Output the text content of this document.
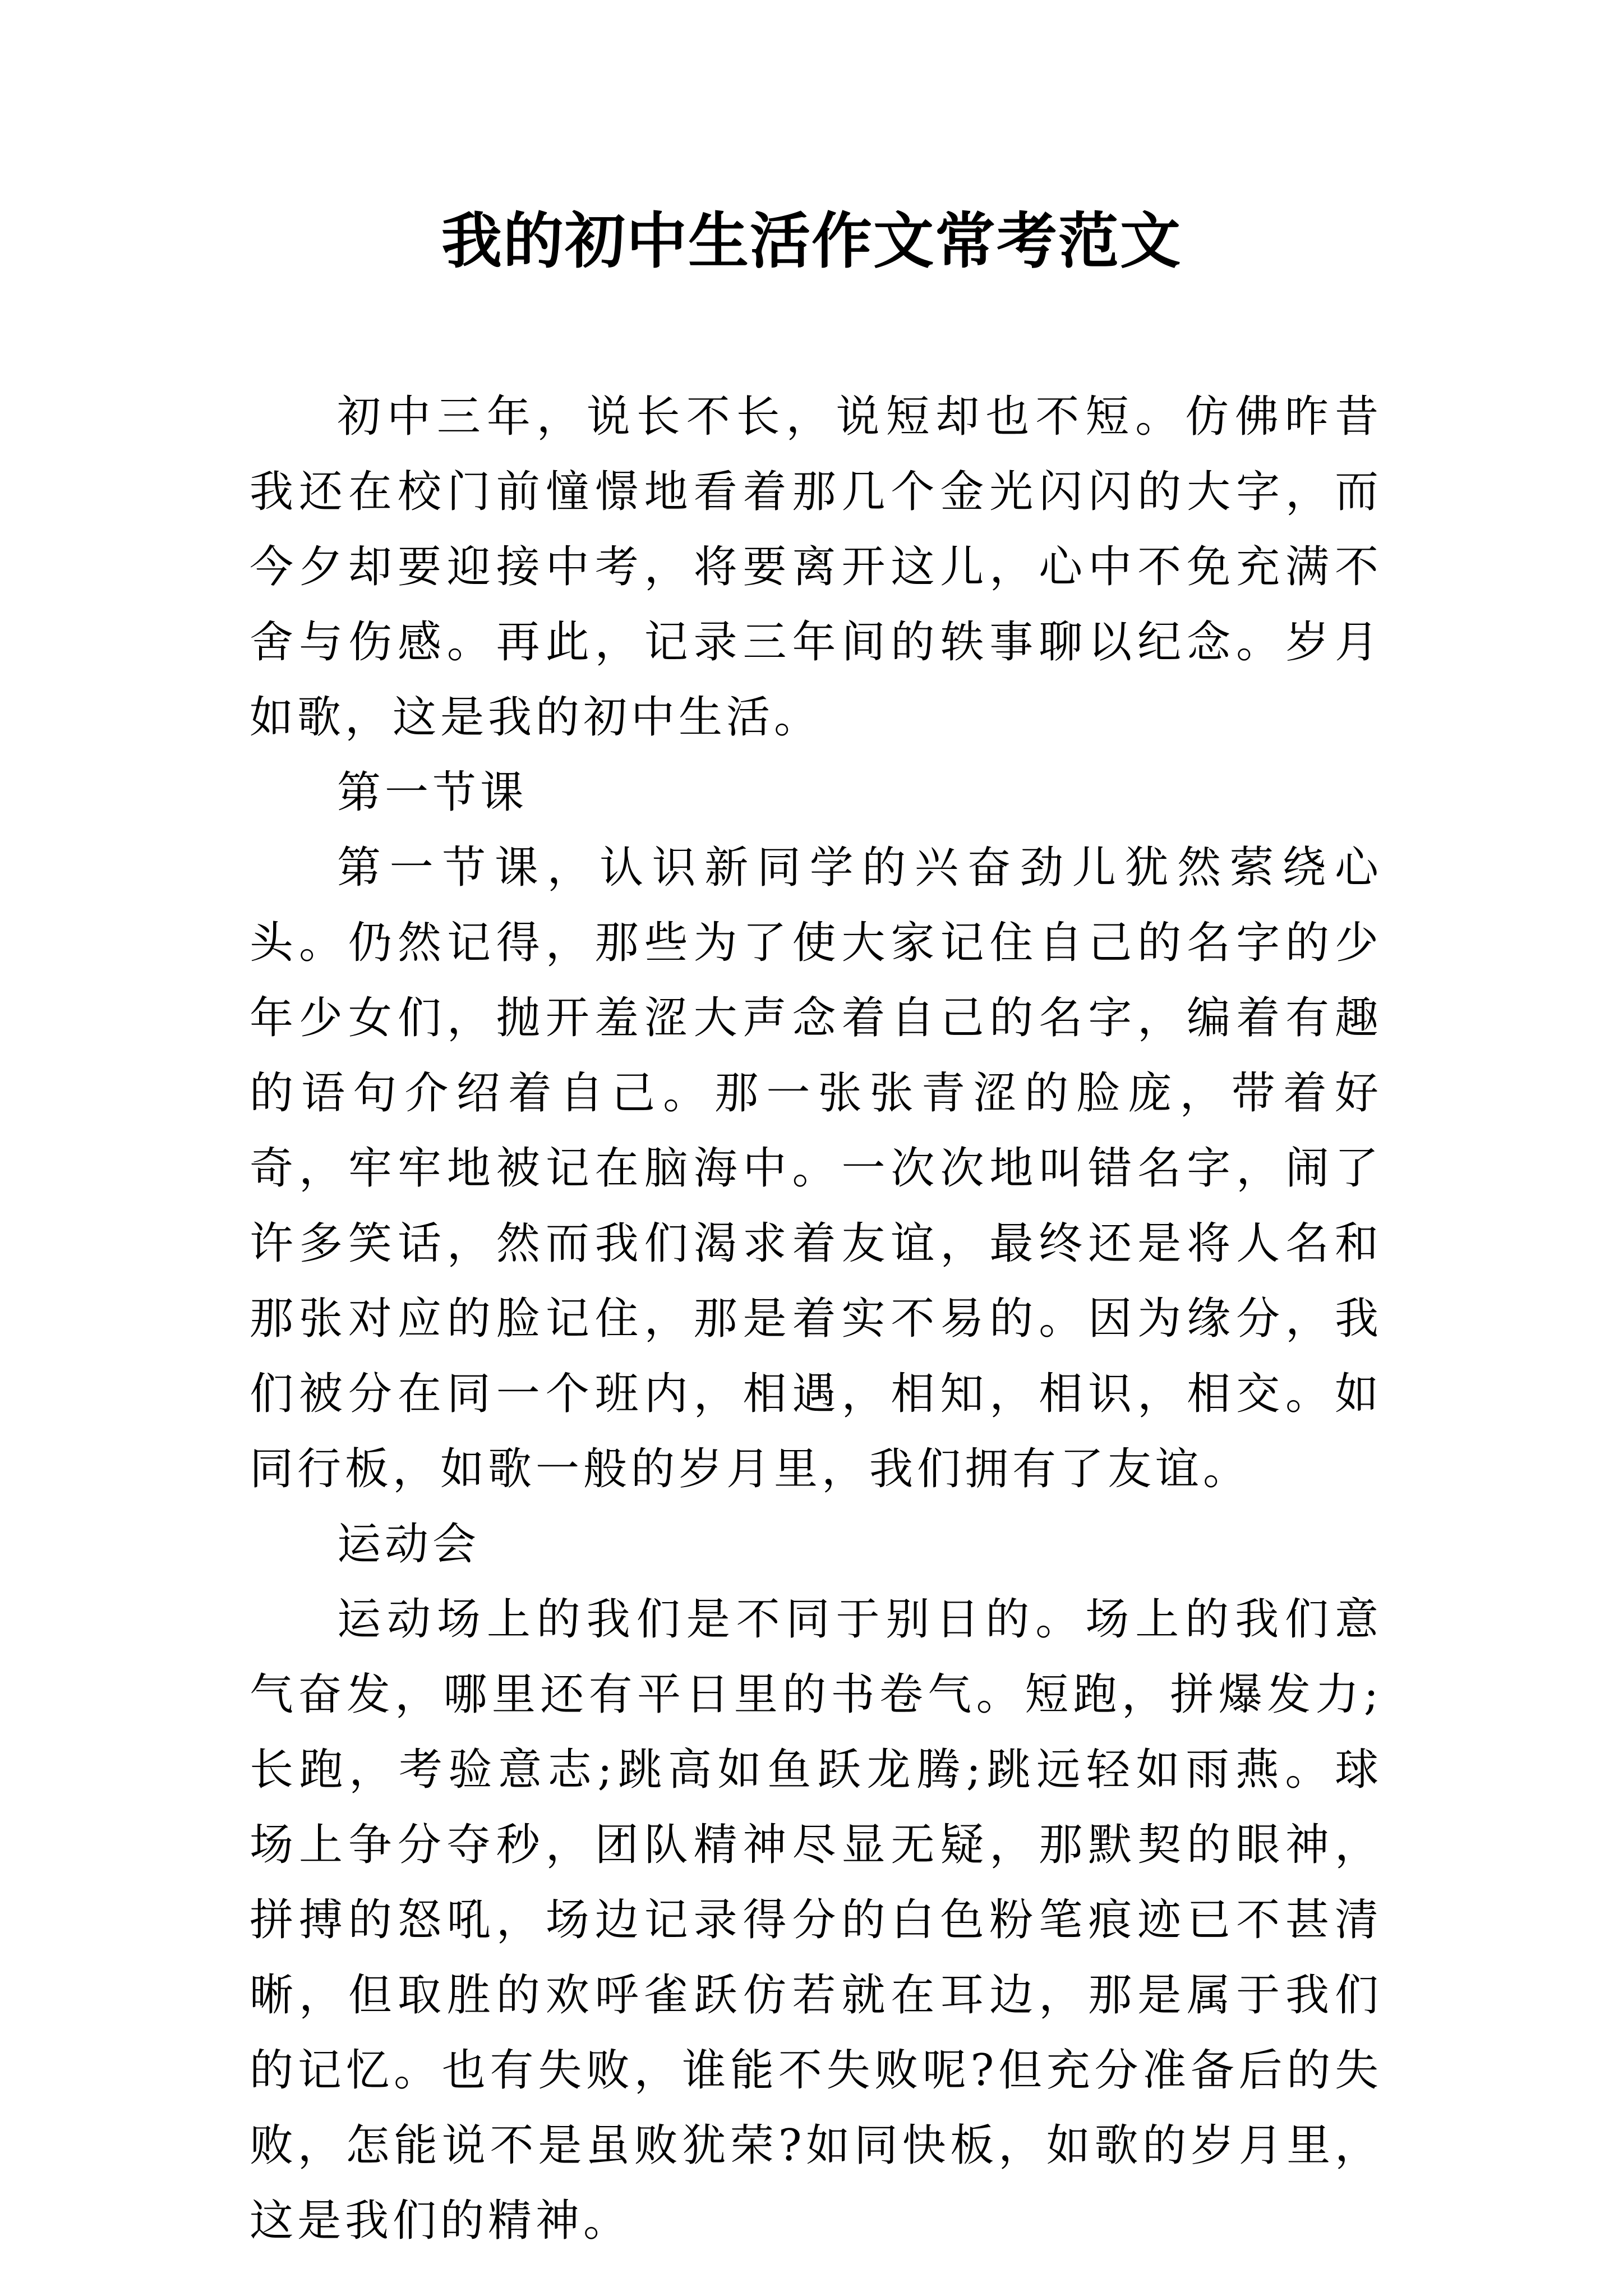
我的初中生活作文常考范文

初中三年，说长不长，说短却也不短。仿佛昨昔我还在校门前憧憬地看着那几个金光闪闪的大字，而今夕却要迎接中考，将要离开这儿，心中不免充满不舍与伤感。再此，记录三年间的轶事聊以纪念。岁月如歌，这是我的初中生活。

第一节课

第一节课，认识新同学的兴奋劲儿犹然萦绕心头。仍然记得，那些为了使大家记住自己的名字的少年少女们，抛开羞涩大声念着自己的名字，编着有趣的语句介绍着自己。那一张张青涩的脸庞，带着好奇，牢牢地被记在脑海中。一次次地叫错名字，闹了许多笑话，然而我们渴求着友谊，最终还是将人名和那张对应的脸记住，那是着实不易的。因为缘分，我们被分在同一个班内，相遇，相知，相识，相交。如同行板，如歌一般的岁月里，我们拥有了友谊。

运动会

运动场上的我们是不同于别日的。场上的我们意气奋发，哪里还有平日里的书卷气。短跑，拼爆发力;长跑，考验意志;跳高如鱼跃龙腾;跳远轻如雨燕。球场上争分夺秒，团队精神尽显无疑，那默契的眼神，拼搏的怒吼，场边记录得分的白色粉笔痕迹已不甚清晰，但取胜的欢呼雀跃仿若就在耳边，那是属于我们的记忆。也有失败，谁能不失败呢?但充分准备后的失败，怎能说不是虽败犹荣?如同快板，如歌的岁月里，这是我们的精神。
